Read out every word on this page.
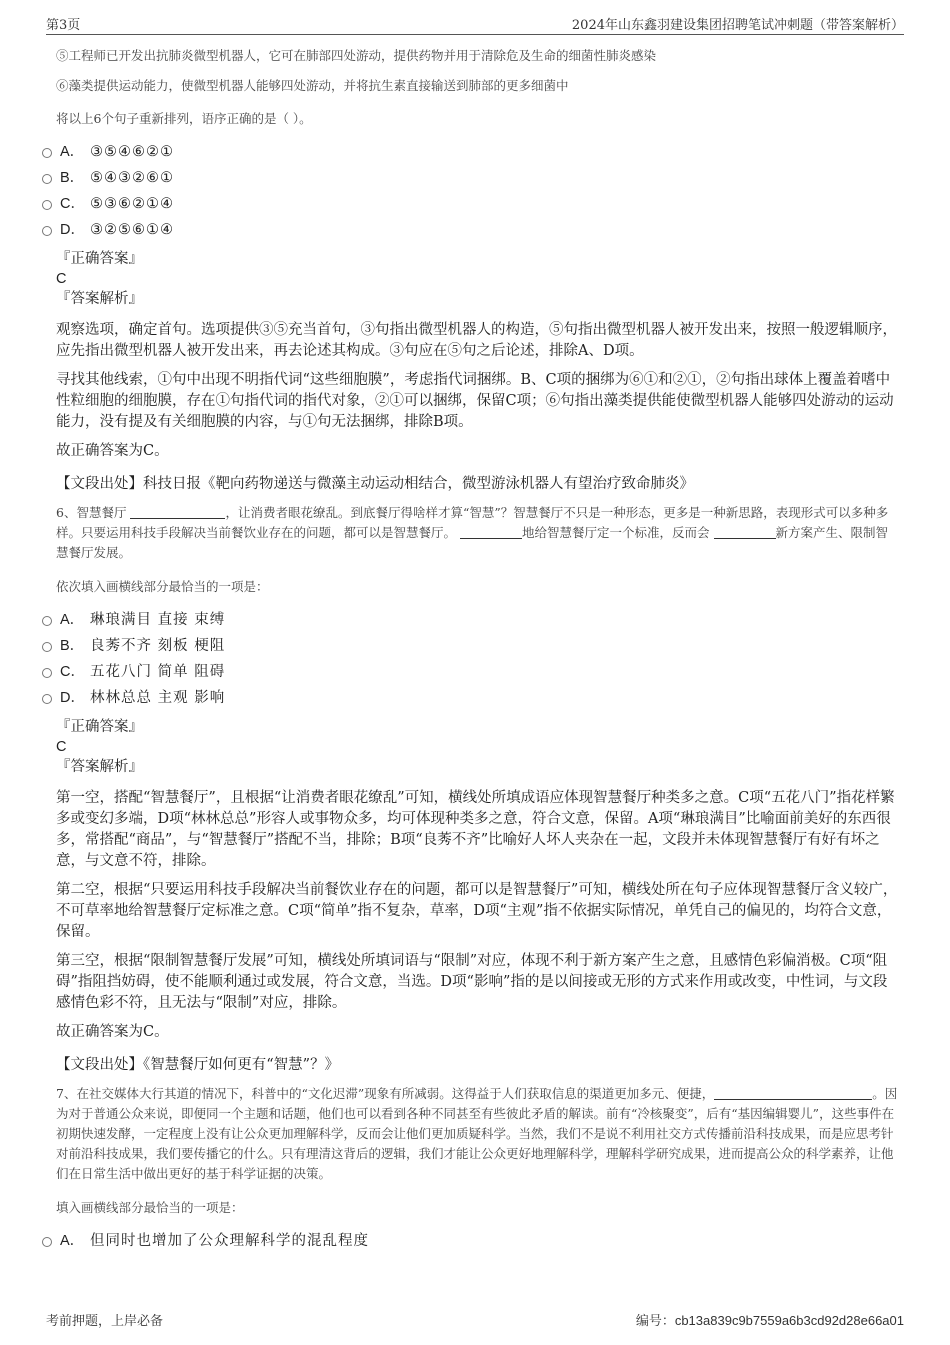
第3页	2024年山东鑫羽建设集团招聘笔试冲刺题（带答案解析）

⑤工程师已开发出抗肺炎微型机器人，它可在肺部四处游动，提供药物并用于清除危及生命的细菌性肺炎感染

⑥藻类提供运动能力，使微型机器人能够四处游动，并将抗生素直接输送到肺部的更多细菌中

将以上6个句子重新排列，语序正确的是（ ）。

A． ③⑤④⑥②①
B． ⑤④③②⑥①
C． ⑤③⑥②①④
D． ③②⑤⑥①④

『正确答案』

C

『答案解析』

观察选项，确定首句。选项提供③⑤充当首句，③句指出微型机器人的构造，⑤句指出微型机器人被开发出来，按照一般逻辑顺序，应先指出微型机器人被开发出来，再去论述其构成。③句应在⑤句之后论述，排除A、D项。

寻找其他线索，①句中出现不明指代词“这些细胞膜”，考虑指代词捆绑。B、C项的捆绑为⑥①和②①，②句指出球体上覆盖着嗜中性粒细胞的细胞膜，存在①句指代词的指代对象，②①可以捆绑，保留C项；⑥句指出藻类提供能使微型机器人能够四处游动的运动能力，没有提及有关细胞膜的内容，与①句无法捆绑，排除B项。

故正确答案为C。

【文段出处】科技日报《靶向药物递送与微藻主动运动相结合，微型游泳机器人有望治疗致命肺炎》

6、智慧餐厅	，让消费者眼花缭乱。到底餐厅得啥样才算“智慧”？智慧餐厅不只是一种形态，更多是一种新思路，表现形式可以多种多样。只要运用科技手段解决当前餐饮业存在的问题，都可以是智慧餐厅。	地给智慧餐厅定一个标准，反而会	新方案产生、限制智慧餐厅发展。

依次填入画横线部分最恰当的一项是：

A． 琳琅满目 直接 束缚
B． 良莠不齐 刻板 梗阻
C． 五花八门 简单 阻碍
D． 林林总总 主观 影响

『正确答案』

C

『答案解析』

第一空，搭配“智慧餐厅”，且根据“让消费者眼花缭乱”可知，横线处所填成语应体现智慧餐厅种类多之意。C项“五花八门”指花样繁多或变幻多端，D项“林林总总”形容人或事物众多，均可体现种类多之意，符合文意，保留。A项“琳琅满目”比喻面前美好的东西很多，常搭配“商品”，与“智慧餐厅”搭配不当，排除；B项“良莠不齐”比喻好人坏人夹杂在一起，文段并未体现智慧餐厅有好有坏之意，与文意不符，排除。

第二空，根据“只要运用科技手段解决当前餐饮业存在的问题，都可以是智慧餐厅”可知，横线处所在句子应体现智慧餐厅含义较广，不可草率地给智慧餐厅定标准之意。C项“简单”指不复杂，草率，D项“主观”指不依据实际情况，单凭自己的偏见的，均符合文意，保留。

第三空，根据“限制智慧餐厅发展”可知，横线处所填词语与“限制”对应，体现不利于新方案产生之意，且感情色彩偏消极。C项“阻碍”指阻挡妨碍，使不能顺利通过或发展，符合文意，当选。D项“影响”指的是以间接或无形的方式来作用或改变，中性词，与文段感情色彩不符，且无法与“限制”对应，排除。

故正确答案为C。

【文段出处】《智慧餐厅如何更有“智慧”？》

7、在社交媒体大行其道的情况下，科普中的“文化迟滞”现象有所减弱。这得益于人们获取信息的渠道更加多元、便捷，	。因为对于普通公众来说，即便同一个主题和话题，他们也可以看到各种不同甚至有些彼此矛盾的解读。前有“冷核聚变”，后有“基因编辑婴儿”，这些事件在初期快速发酵，一定程度上没有让公众更加理解科学，反而会让他们更加质疑科学。当然，我们不是说不利用社交方式传播前沿科技成果，而是应思考针对前沿科技成果，我们要传播它的什么。只有理清这背后的逻辑，我们才能让公众更好地理解科学，理解科学研究成果，进而提高公众的科学素养，让他们在日常生活中做出更好的基于科学证据的决策。

填入画横线部分最恰当的一项是：

A． 但同时也增加了公众理解科学的混乱程度
考前押题，上岸必备	编号：cb13a839c9b7559a6b3cd92d28e66a01
